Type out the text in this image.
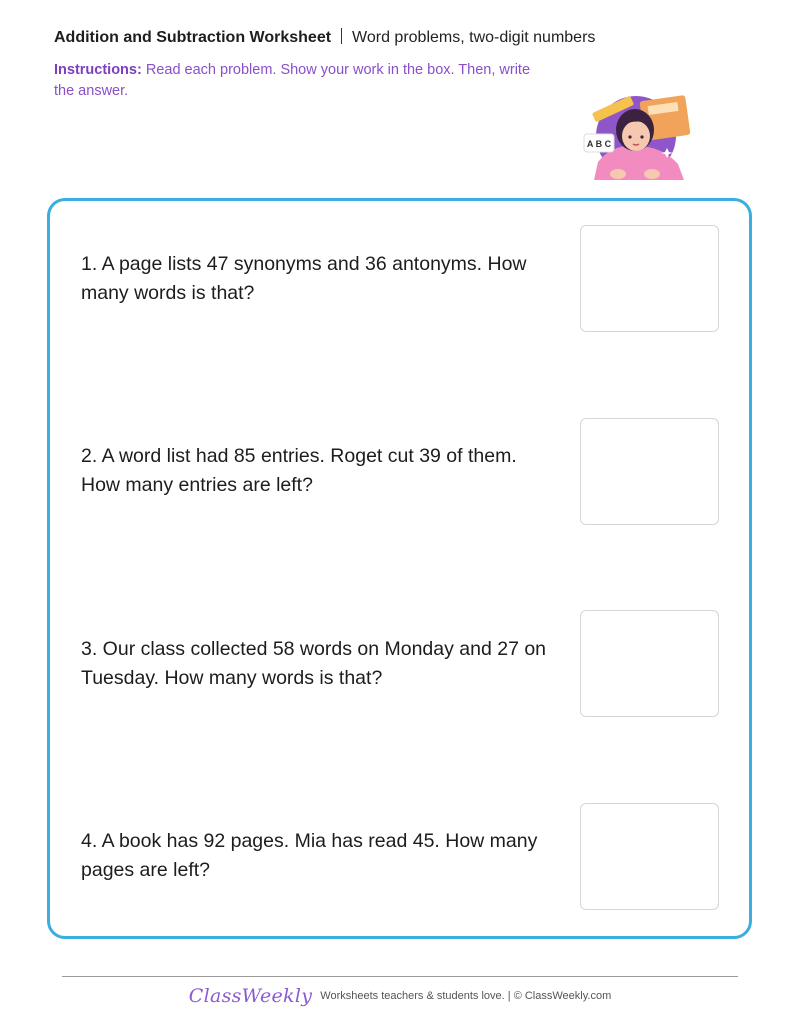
Addition and Subtraction Worksheet Word problems, two-digit numbers
Instructions: Read each problem. Show your work in the box. Then, write the answer.
A B C
1. A page lists 47 synonyms and 36 antonyms. How many words is that?
2. A word list had 85 entries. Roget cut 39 of them. How many entries are left?
3. Our class collected 58 words on Monday and 27 on Tuesday. How many words is that?
4. A book has 92 pages. Mia has read 45. How many pages are left?
ClassWeekly Worksheets teachers & students love. | © ClassWeekly.com
